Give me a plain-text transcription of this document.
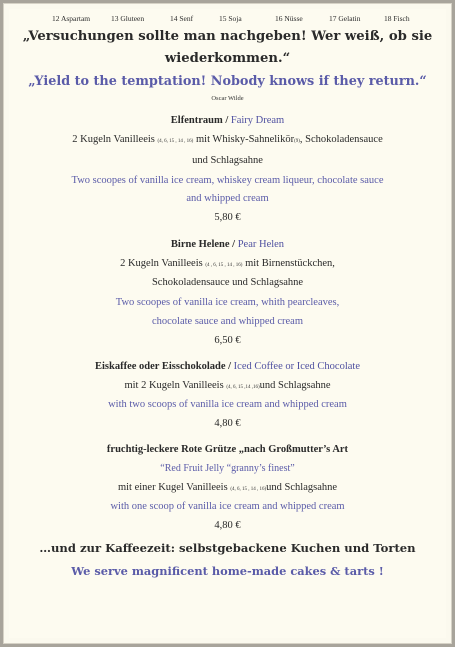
12 Aspartam	13 Gluteen	14 Senf	15 Soja	16 Nüsse	17 Gelatin	18 Fisch
„Versuchungen sollte man nachgeben! Wer weiß, ob sie
wiederkommen.“
„Yield to the temptation! Nobody knows if they return.“
Oscar Wilde
Elfentraum / Fairy Dream
2 Kugeln Vanilleeis (4, 6, 15 , 14 , 16) mit Whisky-Sahnelikör(9), Schokoladensauce
und Schlagsahne
Two scoopes of vanilla ice cream, whiskey cream liqueur, chocolate sauce
and whipped cream
5,80 €
Birne Helene / Pear Helen
2 Kugeln Vanilleeis (4 , 6, 15 , 14 , 16) mit Birnenstückchen,
Schokoladensauce und Schlagsahne
Two scoopes of vanilla ice cream, whith pearcleaves,
chocolate sauce and whipped cream
6,50 €
Eiskaffee oder Eisschokolade / Iced Coffee or Iced Chocolate
mit 2 Kugeln Vanilleeis (4, 6, 15 ,14 ,16)und Schlagsahne
with two scoops of vanilla ice cream and whipped cream
4,80 €
fruchtig-leckere Rote Grütze „nach Großmutter’s Art
“Red Fruit Jelly “granny’s finest”
mit einer Kugel Vanilleeis (4, 6, 15 , 14 , 16)und Schlagsahne
with one scoop of vanilla ice cream and whipped cream
4,80 €
…und zur Kaffeezeit: selbstgebackene Kuchen und Torten
We serve magnificent home-made cakes & tarts !
